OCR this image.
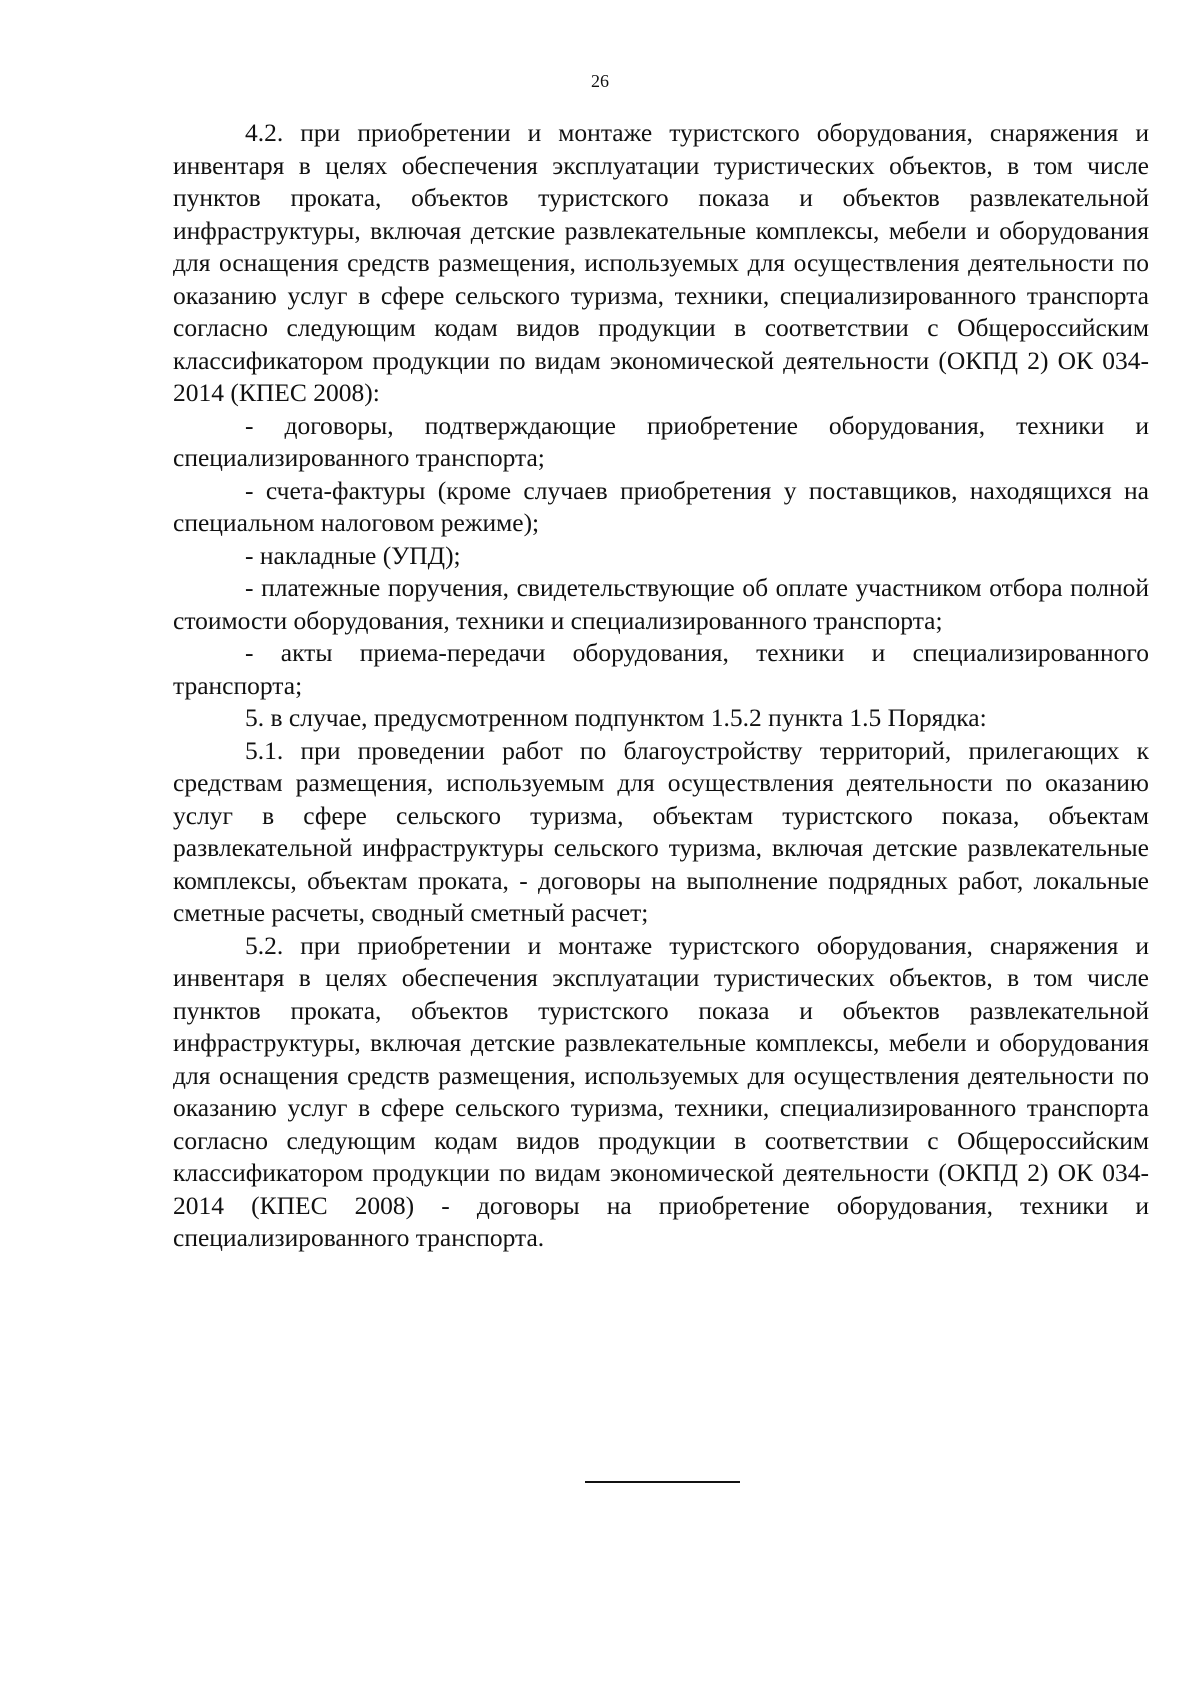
26

4.2. при приобретении и монтаже туристского оборудования, снаряжения и инвентаря в целях обеспечения эксплуатации туристических объектов, в том числе пунктов проката, объектов туристского показа и объектов развлекательной инфраструктуры, включая детские развлекательные комплексы, мебели и оборудования для оснащения средств размещения, используемых для осуществления деятельности по оказанию услуг в сфере сельского туризма, техники, специализированного транспорта согласно следующим кодам видов продукции в соответствии с Общероссийским классификатором продукции по видам экономической деятельности (ОКПД 2) ОК 034-2014 (КПЕС 2008):

- договоры, подтверждающие приобретение оборудования, техники и специализированного транспорта;

- счета-фактуры (кроме случаев приобретения у поставщиков, находящихся на специальном налоговом режиме);

- накладные (УПД);

- платежные поручения, свидетельствующие об оплате участником отбора полной стоимости оборудования, техники и специализированного транспорта;

- акты приема-передачи оборудования, техники и специализированного транспорта;

5. в случае, предусмотренном подпунктом 1.5.2 пункта 1.5 Порядка:

5.1. при проведении работ по благоустройству территорий, прилегающих к средствам размещения, используемым для осуществления деятельности по оказанию услуг в сфере сельского туризма, объектам туристского показа, объектам развлекательной инфраструктуры сельского туризма, включая детские развлекательные комплексы, объектам проката, - договоры на выполнение подрядных работ, локальные сметные расчеты, сводный сметный расчет;

5.2. при приобретении и монтаже туристского оборудования, снаряжения и инвентаря в целях обеспечения эксплуатации туристических объектов, в том числе пунктов проката, объектов туристского показа и объектов развлекательной инфраструктуры, включая детские развлекательные комплексы, мебели и оборудования для оснащения средств размещения, используемых для осуществления деятельности по оказанию услуг в сфере сельского туризма, техники, специализированного транспорта согласно следующим кодам видов продукции в соответствии с Общероссийским классификатором продукции по видам экономической деятельности (ОКПД 2) ОК 034-2014 (КПЕС 2008) - договоры на приобретение оборудования, техники и специализированного транспорта.
